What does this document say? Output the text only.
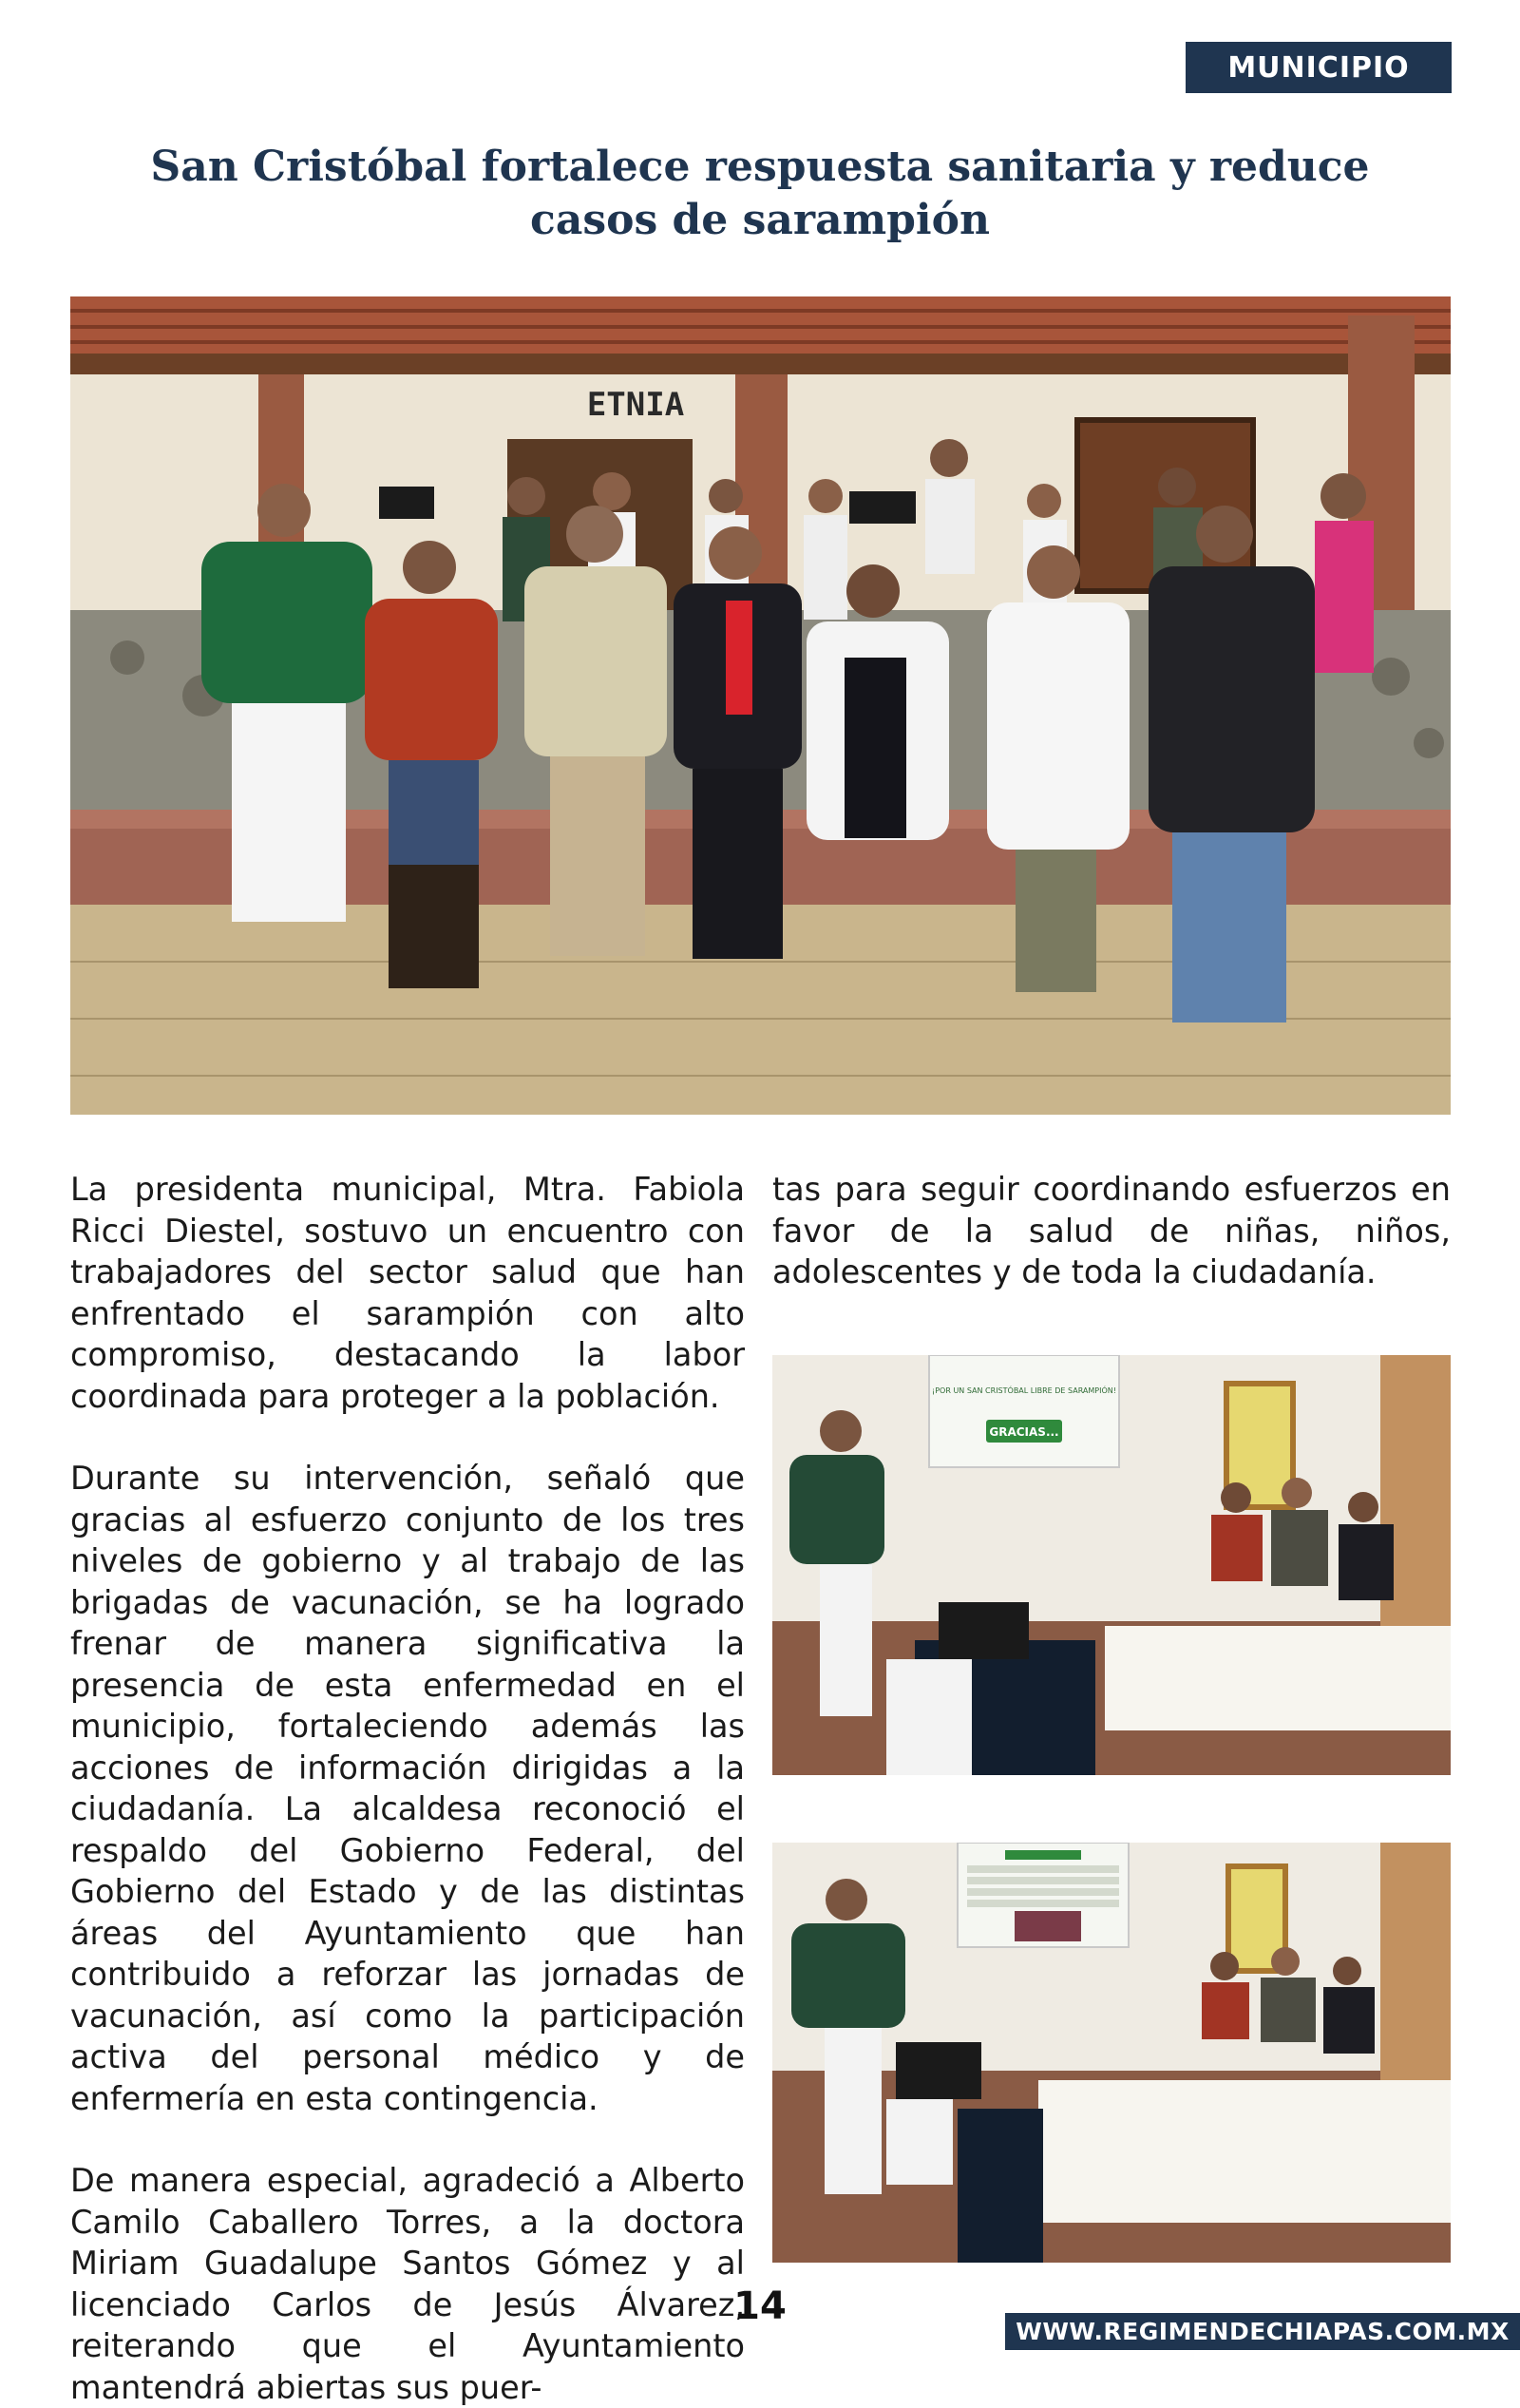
MUNICIPIO
San Cristóbal fortalece respuesta sanitaria y reduce casos de sarampión
ETNIA

La presidenta municipal, Mtra. Fabiola Ricci Diestel, sostuvo un encuentro con trabajadores del sector salud que han enfrentado el sarampión con alto compromiso, destacando la labor coordinada para proteger a la población.

Durante su intervención, señaló que gracias al esfuerzo conjunto de los tres niveles de gobierno y al trabajo de las brigadas de vacunación, se ha logrado frenar de manera significativa la presencia de esta enfermedad en el municipio, fortaleciendo además las acciones de información dirigidas a la ciudadanía. La alcaldesa reconoció el respaldo del Gobierno Federal, del Gobierno del Estado y de las distintas áreas del Ayuntamiento que han contribuido a reforzar las jornadas de vacunación, así como la participación activa del personal médico y de enfermería en esta contingencia.

De manera especial, agradeció a Alberto Camilo Caballero Torres, a la doctora Miriam Guadalupe Santos Gómez y al licenciado Carlos de Jesús Álvarez, reiterando que el Ayuntamiento mantendrá abiertas sus puer-

tas para seguir coordinando esfuerzos en favor de la salud de niñas, niños, adolescentes y de toda la ciudadanía.

¡POR UN SAN CRISTÓBAL LIBRE DE SARAMPIÓN!
GRACIAS...
14
WWW.REGIMENDECHIAPAS.COM.MX
